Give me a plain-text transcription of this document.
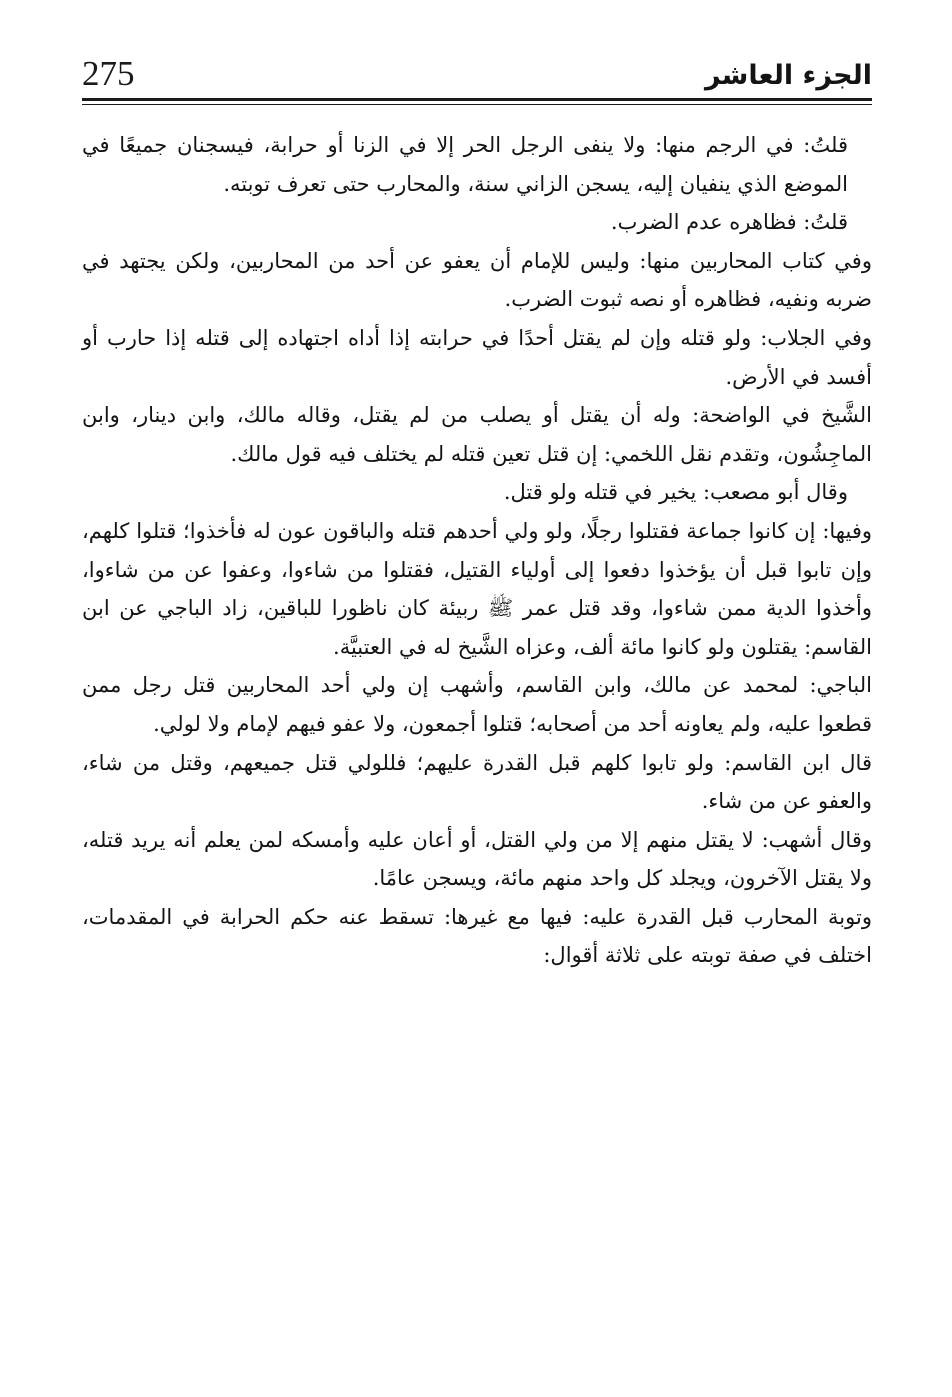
275	الجزء العاشر

قلتُ: في الرجم منها: ولا ينفى الرجل الحر إلا في الزنا أو حرابة، فيسجنان جميعًا في الموضع الذي ينفيان إليه، يسجن الزاني سنة، والمحارب حتى تعرف توبته.

قلتُ: فظاهره عدم الضرب.

وفي كتاب المحاربين منها: وليس للإمام أن يعفو عن أحد من المحاربين، ولكن يجتهد في ضربه ونفيه، فظاهره أو نصه ثبوت الضرب.

وفي الجلاب: ولو قتله وإن لم يقتل أحدًا في حرابته إذا أداه اجتهاده إلى قتله إذا حارب أو أفسد في الأرض.

الشَّيخ في الواضحة: وله أن يقتل أو يصلب من لم يقتل، وقاله مالك، وابن دينار، وابن الماجِشُون، وتقدم نقل اللخمي: إن قتل تعين قتله لم يختلف فيه قول مالك.

وقال أبو مصعب: يخير في قتله ولو قتل.

وفيها: إن كانوا جماعة فقتلوا رجلًا، ولو ولي أحدهم قتله والباقون عون له فأخذوا؛ قتلوا كلهم، وإن تابوا قبل أن يؤخذوا دفعوا إلى أولياء القتيل، فقتلوا من شاءوا، وعفوا عن من شاءوا، وأخذوا الدية ممن شاءوا، وقد قتل عمر ﷺ ربيئة كان ناظورا للباقين، زاد الباجي عن ابن القاسم: يقتلون ولو كانوا مائة ألف، وعزاه الشَّيخ له في العتبيَّة.

الباجي: لمحمد عن مالك، وابن القاسم، وأشهب إن ولي أحد المحاربين قتل رجل ممن قطعوا عليه، ولم يعاونه أحد من أصحابه؛ قتلوا أجمعون، ولا عفو فيهم لإمام ولا لولي.

قال ابن القاسم: ولو تابوا كلهم قبل القدرة عليهم؛ فللولي قتل جميعهم، وقتل من شاء، والعفو عن من شاء.

وقال أشهب: لا يقتل منهم إلا من ولي القتل، أو أعان عليه وأمسكه لمن يعلم أنه يريد قتله، ولا يقتل الآخرون، ويجلد كل واحد منهم مائة، ويسجن عامًا.

وتوبة المحارب قبل القدرة عليه: فيها مع غيرها: تسقط عنه حكم الحرابة في المقدمات، اختلف في صفة توبته على ثلاثة أقوال:
